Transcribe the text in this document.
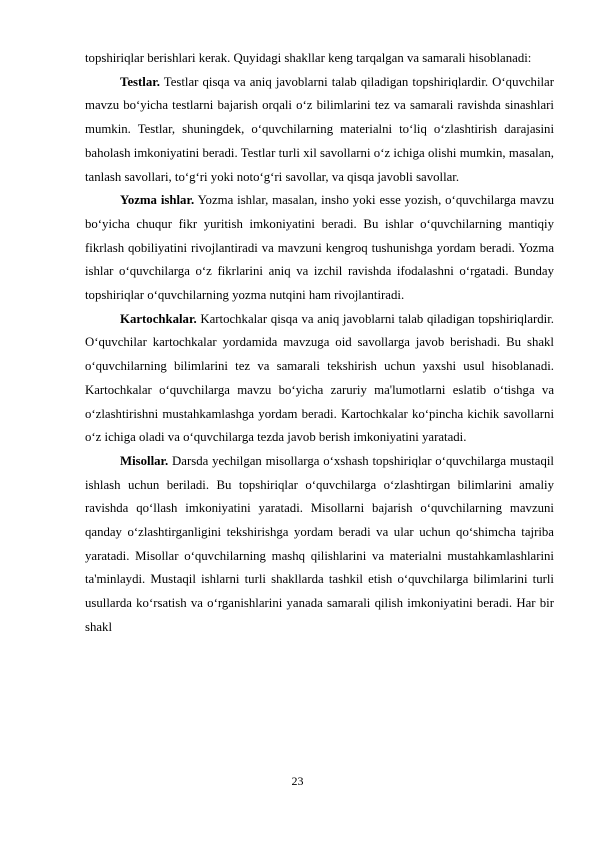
topshiriqlar berishlari kerak. Quyidagi shakllar keng tarqalgan va samarali hisoblanadi:

Testlar. Testlar qisqa va aniq javoblarni talab qiladigan topshiriqlardir. O‘quvchilar mavzu bo‘yicha testlarni bajarish orqali o‘z bilimlarini tez va samarali ravishda sinashlari mumkin. Testlar, shuningdek, o‘quvchilarning materialni to‘liq o‘zlashtirish darajasini baholash imkoniyatini beradi. Testlar turli xil savollarni o‘z ichiga olishi mumkin, masalan, tanlash savollari, to‘g‘ri yoki noto‘g‘ri savollar, va qisqa javobli savollar.

Yozma ishlar. Yozma ishlar, masalan, insho yoki esse yozish, o‘quvchilarga mavzu bo‘yicha chuqur fikr yuritish imkoniyatini beradi. Bu ishlar o‘quvchilarning mantiqiy fikrlash qobiliyatini rivojlantiradi va mavzuni kengroq tushunishga yordam beradi. Yozma ishlar o‘quvchilarga o‘z fikrlarini aniq va izchil ravishda ifodalashni o‘rgatadi. Bunday topshiriqlar o‘quvchilarning yozma nutqini ham rivojlantiradi.

Kartochkalar. Kartochkalar qisqa va aniq javoblarni talab qiladigan topshiriqlardir. O‘quvchilar kartochkalar yordamida mavzuga oid savollarga javob berishadi. Bu shakl o‘quvchilarning bilimlarini tez va samarali tekshirish uchun yaxshi usul hisoblanadi. Kartochkalar o‘quvchilarga mavzu bo‘yicha zaruriy ma'lumotlarni eslatib o‘tishga va o‘zlashtirishni mustahkamlashga yordam beradi. Kartochkalar ko‘pincha kichik savollarni o‘z ichiga oladi va o‘quvchilarga tezda javob berish imkoniyatini yaratadi.

Misollar. Darsda yechilgan misollarga o‘xshash topshiriqlar o‘quvchilarga mustaqil ishlash uchun beriladi. Bu topshiriqlar o‘quvchilarga o‘zlashtirgan bilimlarini amaliy ravishda qo‘llash imkoniyatini yaratadi. Misollarni bajarish o‘quvchilarning mavzuni qanday o‘zlashtirganligini tekshirishga yordam beradi va ular uchun qo‘shimcha tajriba yaratadi. Misollar o‘quvchilarning mashq qilishlarini va materialni mustahkamlashlarini ta'minlaydi. Mustaqil ishlarni turli shakllarda tashkil etish o‘quvchilarga bilimlarini turli usullarda ko‘rsatish va o‘rganishlarini yanada samarali qilish imkoniyatini beradi. Har bir shakl

23
